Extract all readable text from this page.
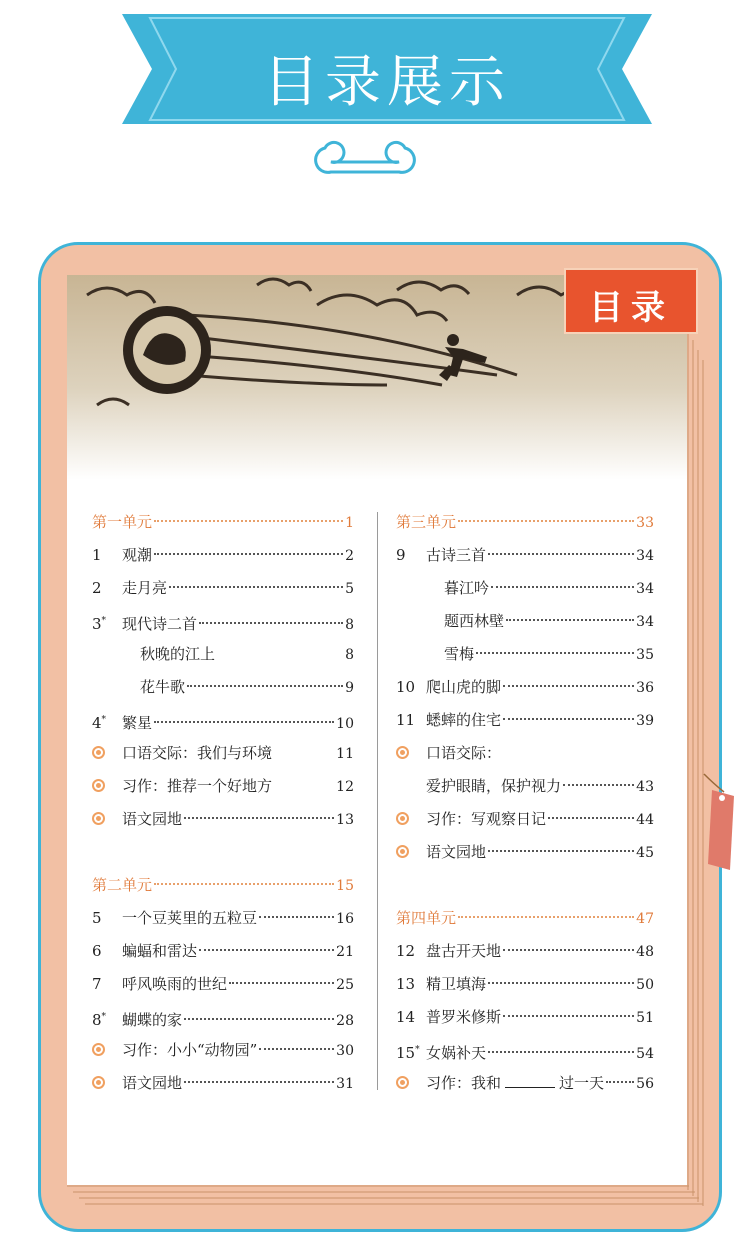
目录展示
目录
第一单元	1
1	观潮	2
2	走月亮	5
3*	现代诗二首	8
秋晚的江上	8
花牛歌	9
4*	繁星	10
口语交际：我们与环境	11
习作：推荐一个好地方	12
语文园地	13
第二单元	15
5	一个豆荚里的五粒豆	16
6	蝙蝠和雷达	21
7	呼风唤雨的世纪	25
8*	蝴蝶的家	28
习作：小小“动物园”	30
语文园地	31
第三单元	33
9	古诗三首	34
暮江吟	34
题西林壁	34
雪梅	35
10 爬山虎的脚	36
11 蟋蟀的住宅	39
口语交际：
爱护眼睛，保护视力	43
习作：写观察日记	44
语文园地	45
第四单元	47
12 盘古开天地	48
13 精卫填海	50
14 普罗米修斯	51
15* 女娲补天	54
习作：我和	过一天 56
